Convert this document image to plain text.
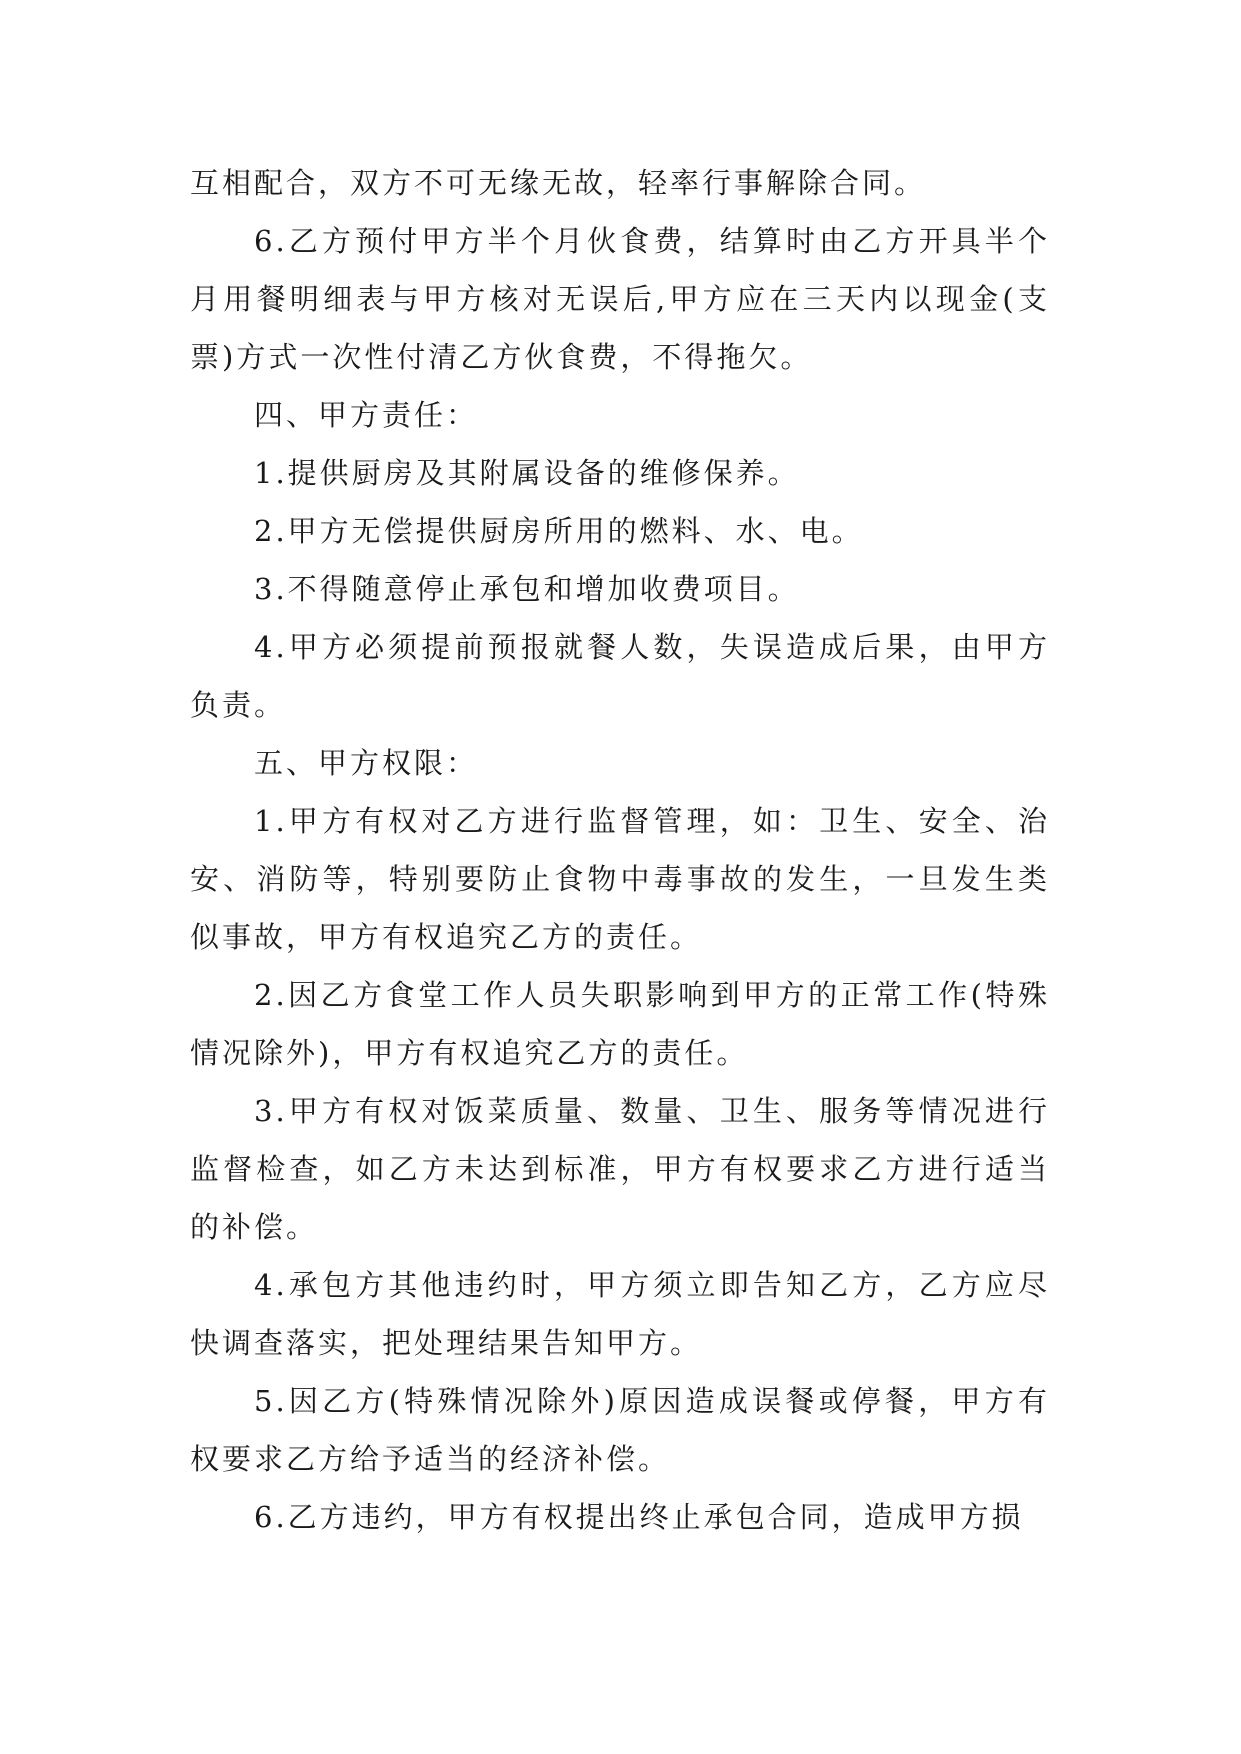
互相配合，双方不可无缘无故，轻率行事解除合同。

6.乙方预付甲方半个月伙食费，结算时由乙方开具半个月用餐明细表与甲方核对无误后,甲方应在三天内以现金(支票)方式一次性付清乙方伙食费，不得拖欠。

四、甲方责任：

1.提供厨房及其附属设备的维修保养。

2.甲方无偿提供厨房所用的燃料、水、电。

3.不得随意停止承包和增加收费项目。

4.甲方必须提前预报就餐人数，失误造成后果，由甲方负责。

五、甲方权限：

1.甲方有权对乙方进行监督管理，如：卫生、安全、治安、消防等，特别要防止食物中毒事故的发生，一旦发生类似事故，甲方有权追究乙方的责任。

2.因乙方食堂工作人员失职影响到甲方的正常工作(特殊情况除外)，甲方有权追究乙方的责任。

3.甲方有权对饭菜质量、数量、卫生、服务等情况进行监督检查，如乙方未达到标准，甲方有权要求乙方进行适当的补偿。

4.承包方其他违约时，甲方须立即告知乙方，乙方应尽快调查落实，把处理结果告知甲方。

5.因乙方(特殊情况除外)原因造成误餐或停餐，甲方有权要求乙方给予适当的经济补偿。

6.乙方违约，甲方有权提出终止承包合同，造成甲方损
